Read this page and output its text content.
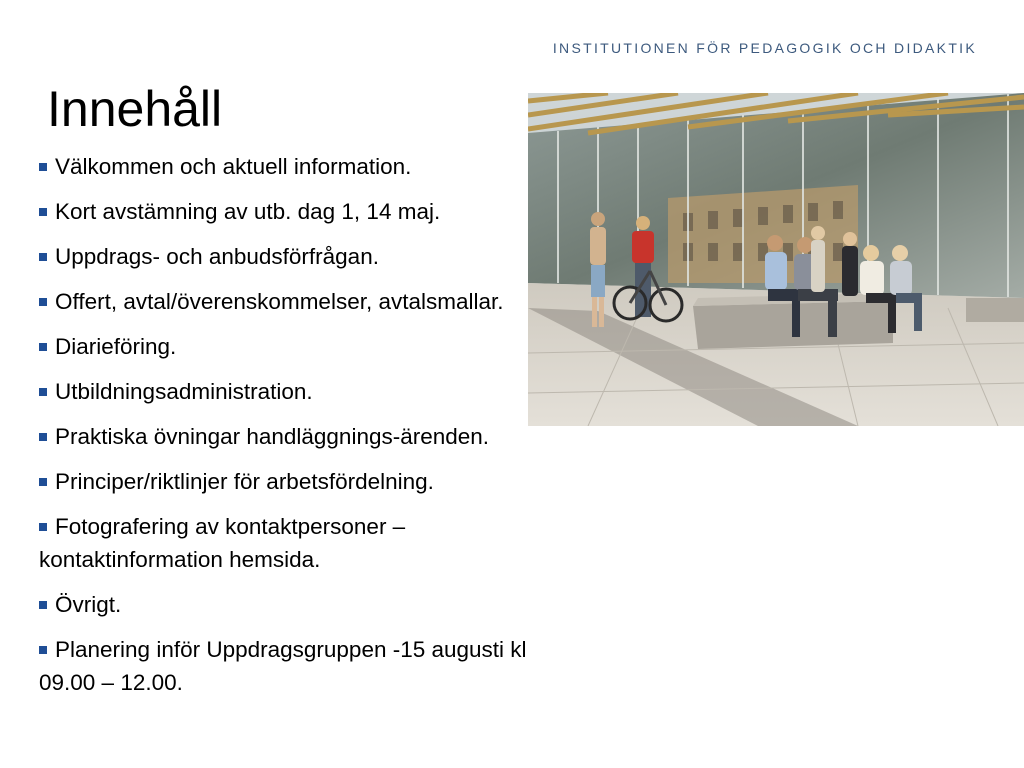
INSTITUTIONEN FÖR PEDAGOGIK OCH DIDAKTIK
Innehåll
Välkommen och aktuell information.
Kort avstämning av utb. dag 1, 14 maj.
Uppdrags- och anbudsförfrågan.
Offert, avtal/överenskommelser, avtalsmallar.
Diarieföring.
Utbildningsadministration.
Praktiska övningar handläggnings-ärenden.
Principer/riktlinjer för arbetsfördelning.
Fotografering av kontaktpersoner – kontaktinformation hemsida.
Övrigt.
Planering inför Uppdragsgruppen -15 augusti kl 09.00 – 12.00.
